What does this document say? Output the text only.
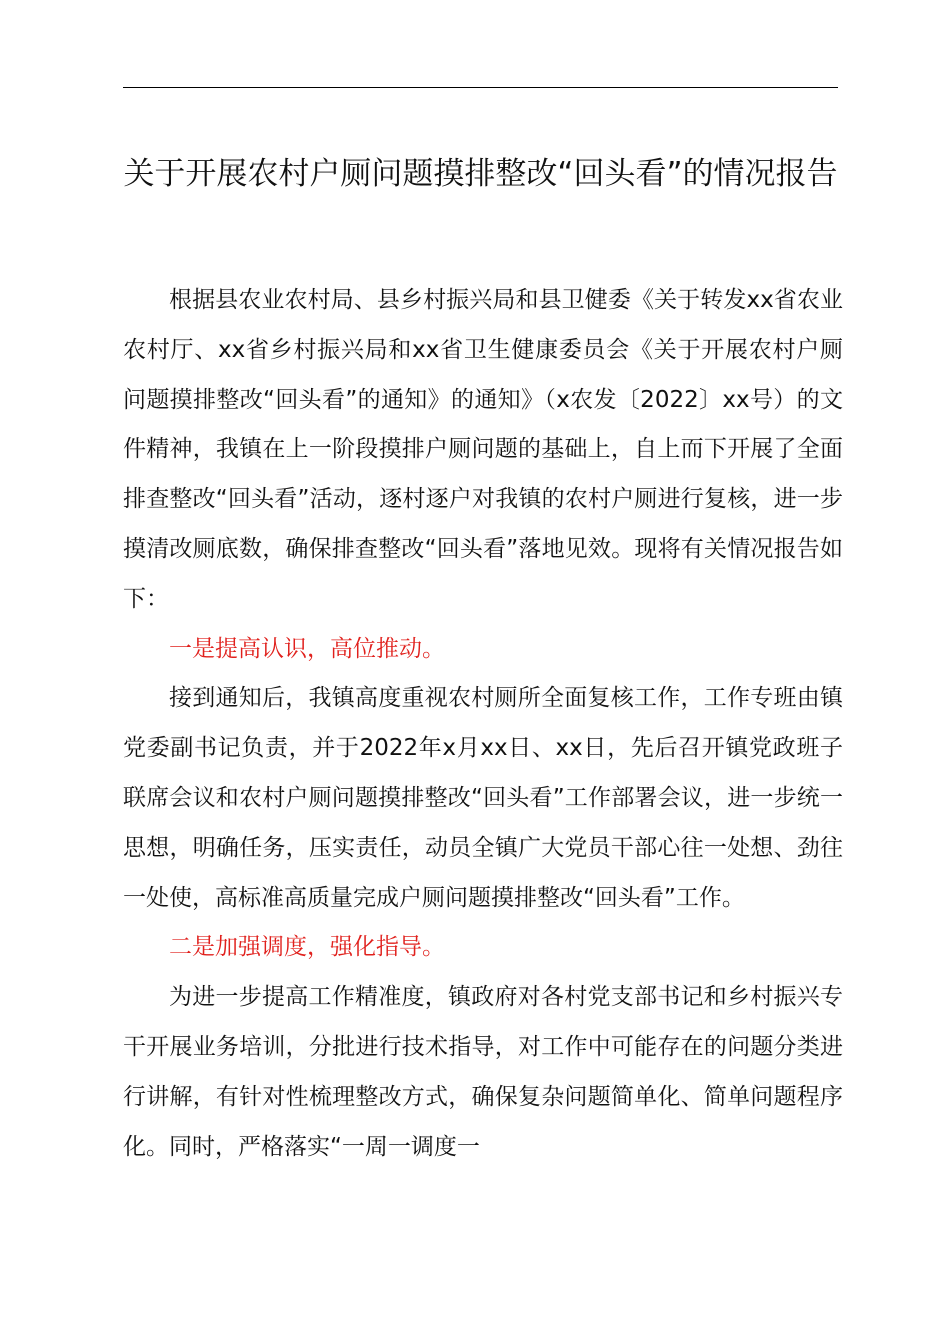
关于开展农村户厕问题摸排整改“回头看”的情况报告

根据县农业农村局、县乡村振兴局和县卫健委《关于转发xx省农业农村厅、xx省乡村振兴局和xx省卫生健康委员会《关于开展农村户厕问题摸排整改“回头看”的通知》的通知》（x农发〔2022〕xx号）的文件精神，我镇在上一阶段摸排户厕问题的基础上，自上而下开展了全面排查整改“回头看”活动，逐村逐户对我镇的农村户厕进行复核，进一步摸清改厕底数，确保排查整改“回头看”落地见效。现将有关情况报告如下：

一是提高认识，高位推动。

接到通知后，我镇高度重视农村厕所全面复核工作，工作专班由镇党委副书记负责，并于2022年x月xx日、xx日，先后召开镇党政班子联席会议和农村户厕问题摸排整改“回头看”工作部署会议，进一步统一思想，明确任务，压实责任，动员全镇广大党员干部心往一处想、劲往一处使，高标准高质量完成户厕问题摸排整改“回头看”工作。

二是加强调度，强化指导。

为进一步提高工作精准度，镇政府对各村党支部书记和乡村振兴专干开展业务培训，分批进行技术指导，对工作中可能存在的问题分类进行讲解，有针对性梳理整改方式，确保复杂问题简单化、简单问题程序化。同时，严格落实“一周一调度一
